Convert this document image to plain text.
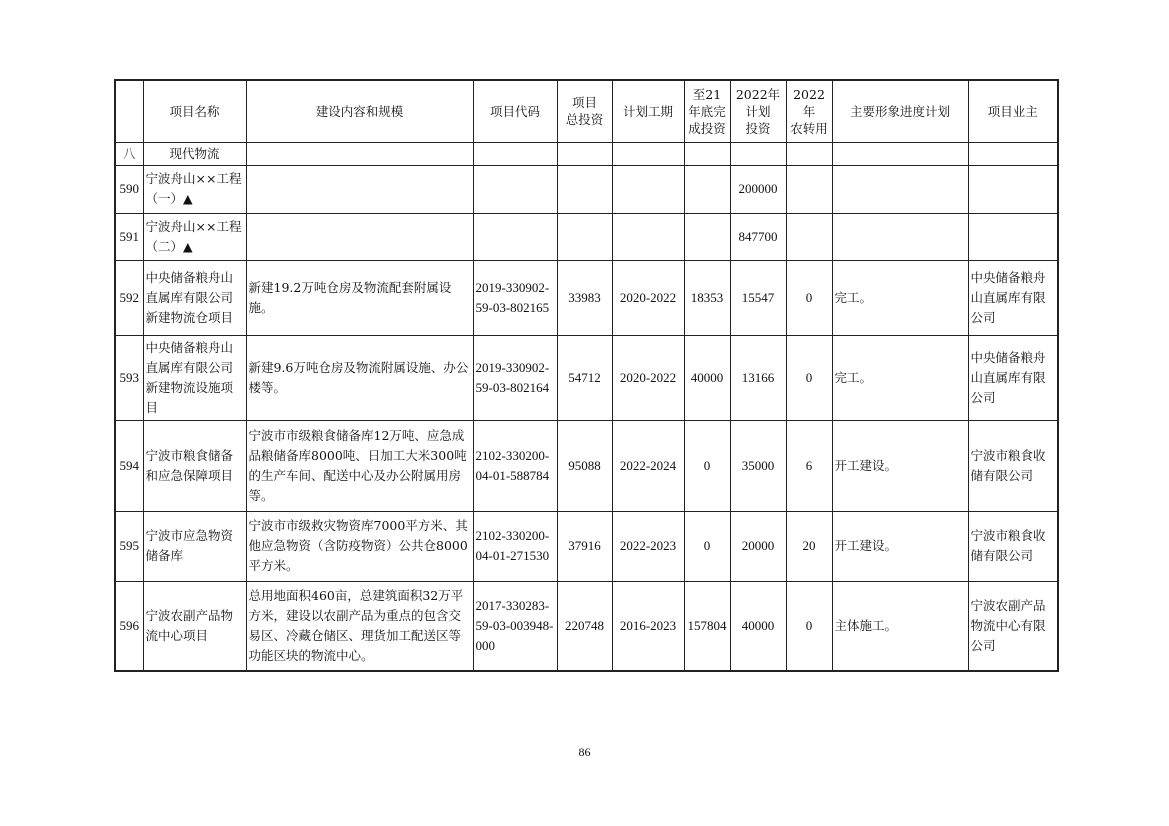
	项目名称	建设内容和规模	项目代码	项目
总投资	计划工期	至21
年底完
成投资	2022年
计划
投资	2022年
农转用	主要形象进度计划	项目业主
八	现代物流									
590	宁波舟山××工程（一）▲						200000			
591	宁波舟山××工程（二）▲						847700			
592	中央储备粮舟山直属库有限公司新建物流仓项目	新建19.2万吨仓房及物流配套附属设施。	2019-330902-59-03-802165	33983	2020-2022	18353	15547	0	完工。	中央储备粮舟山直属库有限公司
593	中央储备粮舟山直属库有限公司新建物流设施项目	新建9.6万吨仓房及物流附属设施、办公楼等。	2019-330902-59-03-802164	54712	2020-2022	40000	13166	0	完工。	中央储备粮舟山直属库有限公司
594	宁波市粮食储备和应急保障项目	宁波市市级粮食储备库12万吨、应急成品粮储备库8000吨、日加工大米300吨的生产车间、配送中心及办公附属用房等。	2102-330200-04-01-588784	95088	2022-2024	0	35000	6	开工建设。	宁波市粮食收储有限公司
595	宁波市应急物资储备库	宁波市市级救灾物资库7000平方米、其他应急物资（含防疫物资）公共仓8000平方米。	2102-330200-04-01-271530	37916	2022-2023	0	20000	20	开工建设。	宁波市粮食收储有限公司
596	宁波农副产品物流中心项目	总用地面积460亩，总建筑面积32万平方米，建设以农副产品为重点的包含交易区、冷藏仓储区、理货加工配送区等功能区块的物流中心。	2017-330283-59-03-003948-000	220748	2016-2023	157804	40000	0	主体施工。	宁波农副产品物流中心有限公司
86
